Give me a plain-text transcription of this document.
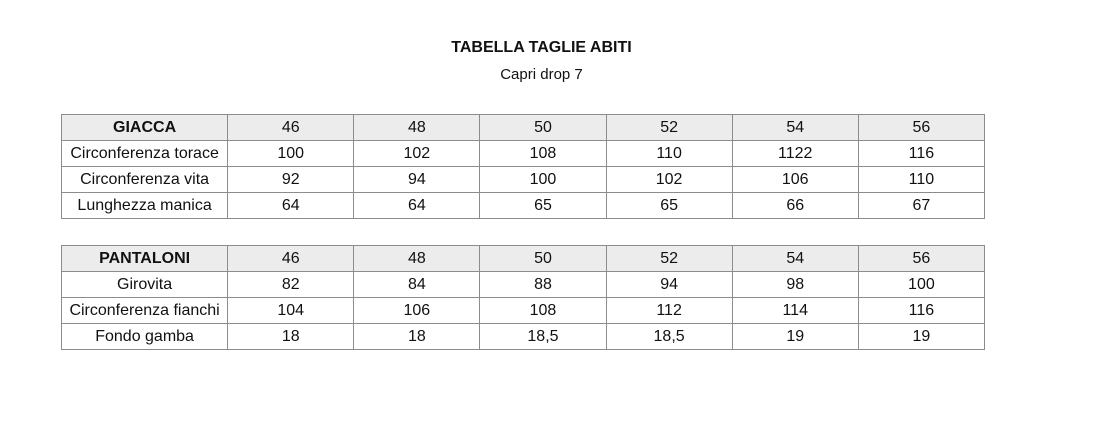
TABELLA TAGLIE ABITI

Capri drop 7

GIACCA	46	48	50	52	54	56
Circonferenza torace	100	102	108	110	1122	116
Circonferenza vita	92	94	100	102	106	110
Lunghezza manica	64	64	65	65	66	67
PANTALONI	46	48	50	52	54	56
Girovita	82	84	88	94	98	100
Circonferenza fianchi	104	106	108	112	114	116
Fondo gamba	18	18	18,5	18,5	19	19
